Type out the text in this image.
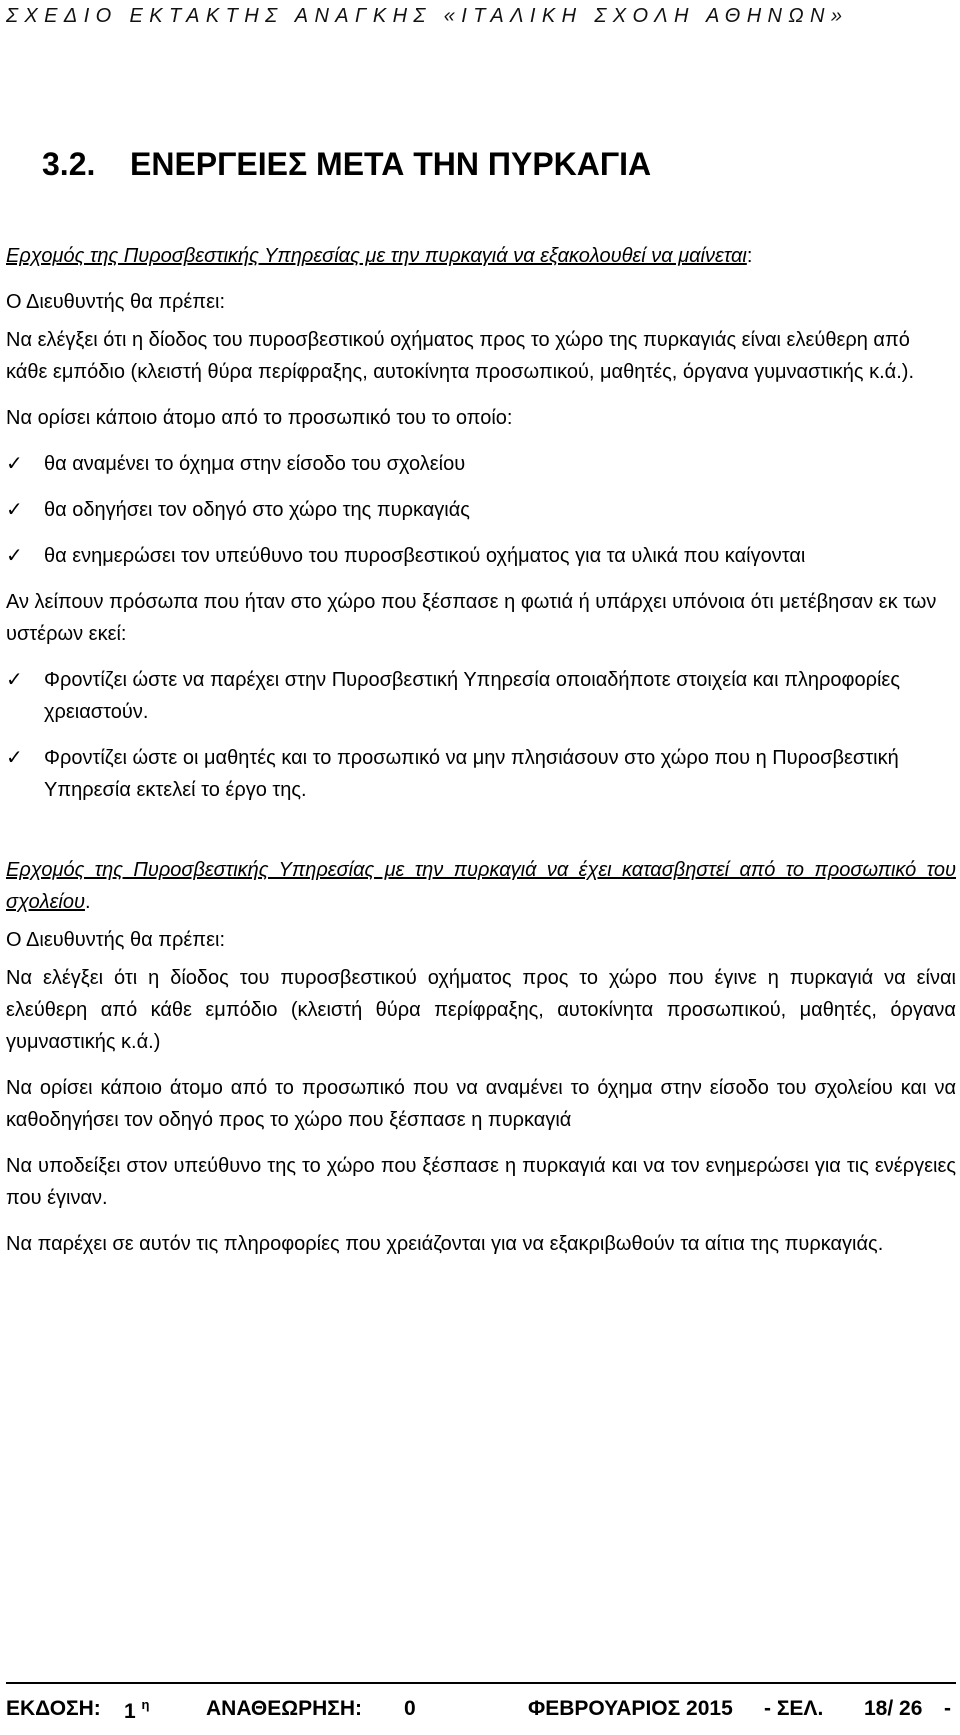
ΣΧΕΔΙΟ ΕΚΤΑΚΤΗΣ ΑΝΑΓΚΗΣ «ΙΤΑΛΙΚΗ ΣΧΟΛΗ ΑΘΗΝΩΝ»
3.2. ΕΝΕΡΓΕΙΕΣ ΜΕΤΑ ΤΗΝ ΠΥΡΚΑΓΙΑ
Ερχομός της Πυροσβεστικής Υπηρεσίας με την πυρκαγιά να εξακολουθεί να μαίνεται:
Ο Διευθυντής θα πρέπει:
Να ελέγξει ότι η δίοδος του πυροσβεστικού οχήματος προς το χώρο της πυρκαγιάς είναι ελεύθερη από κάθε εμπόδιο (κλειστή θύρα περίφραξης, αυτοκίνητα προσωπικού, μαθητές, όργανα γυμναστικής κ.ά.).
Να ορίσει κάποιο άτομο από το προσωπικό του το οποίο:
✓ θα αναμένει το όχημα στην είσοδο του σχολείου
✓ θα οδηγήσει τον οδηγό στο χώρο της πυρκαγιάς
✓ θα ενημερώσει τον υπεύθυνο του πυροσβεστικού οχήματος για τα υλικά που καίγονται
Αν λείπουν πρόσωπα που ήταν στο χώρο που ξέσπασε η φωτιά ή υπάρχει υπόνοια ότι μετέβησαν εκ των υστέρων εκεί:
✓ Φροντίζει ώστε να παρέχει στην Πυροσβεστική Υπηρεσία οποιαδήποτε στοιχεία και πληροφορίες χρειαστούν.
✓ Φροντίζει ώστε οι μαθητές και το προσωπικό να μην πλησιάσουν στο χώρο που η Πυροσβεστική Υπηρεσία εκτελεί το έργο της.
Ερχομός της Πυροσβεστικής Υπηρεσίας με την πυρκαγιά να έχει κατασβηστεί από το προσωπικό του σχολείου.
Ο Διευθυντής θα πρέπει:
Να ελέγξει ότι η δίοδος του πυροσβεστικού οχήματος προς το χώρο που έγινε η πυρκαγιά να είναι ελεύθερη από κάθε εμπόδιο (κλειστή θύρα περίφραξης, αυτοκίνητα προσωπικού, μαθητές, όργανα γυμναστικής κ.ά.)
Να ορίσει κάποιο άτομο από το προσωπικό που να αναμένει το όχημα στην είσοδο του σχολείου και να καθοδηγήσει τον οδηγό προς το χώρο που ξέσπασε η πυρκαγιά
Να υποδείξει στον υπεύθυνο της το χώρο που ξέσπασε η πυρκαγιά και να τον ενημερώσει για τις ενέργειες που έγιναν.
Να παρέχει σε αυτόν τις πληροφορίες που χρειάζονται για να εξακριβωθούν τα αίτια της πυρκαγιάς.
ΕΚΔΟΣΗ: 1 $^\eta$	ΑΝΑΘΕΩΡΗΣΗ: 0	ΦΕΒΡΟΥΑΡΙΟΣ 2015 - ΣΕΛ. 18/ 26 -
